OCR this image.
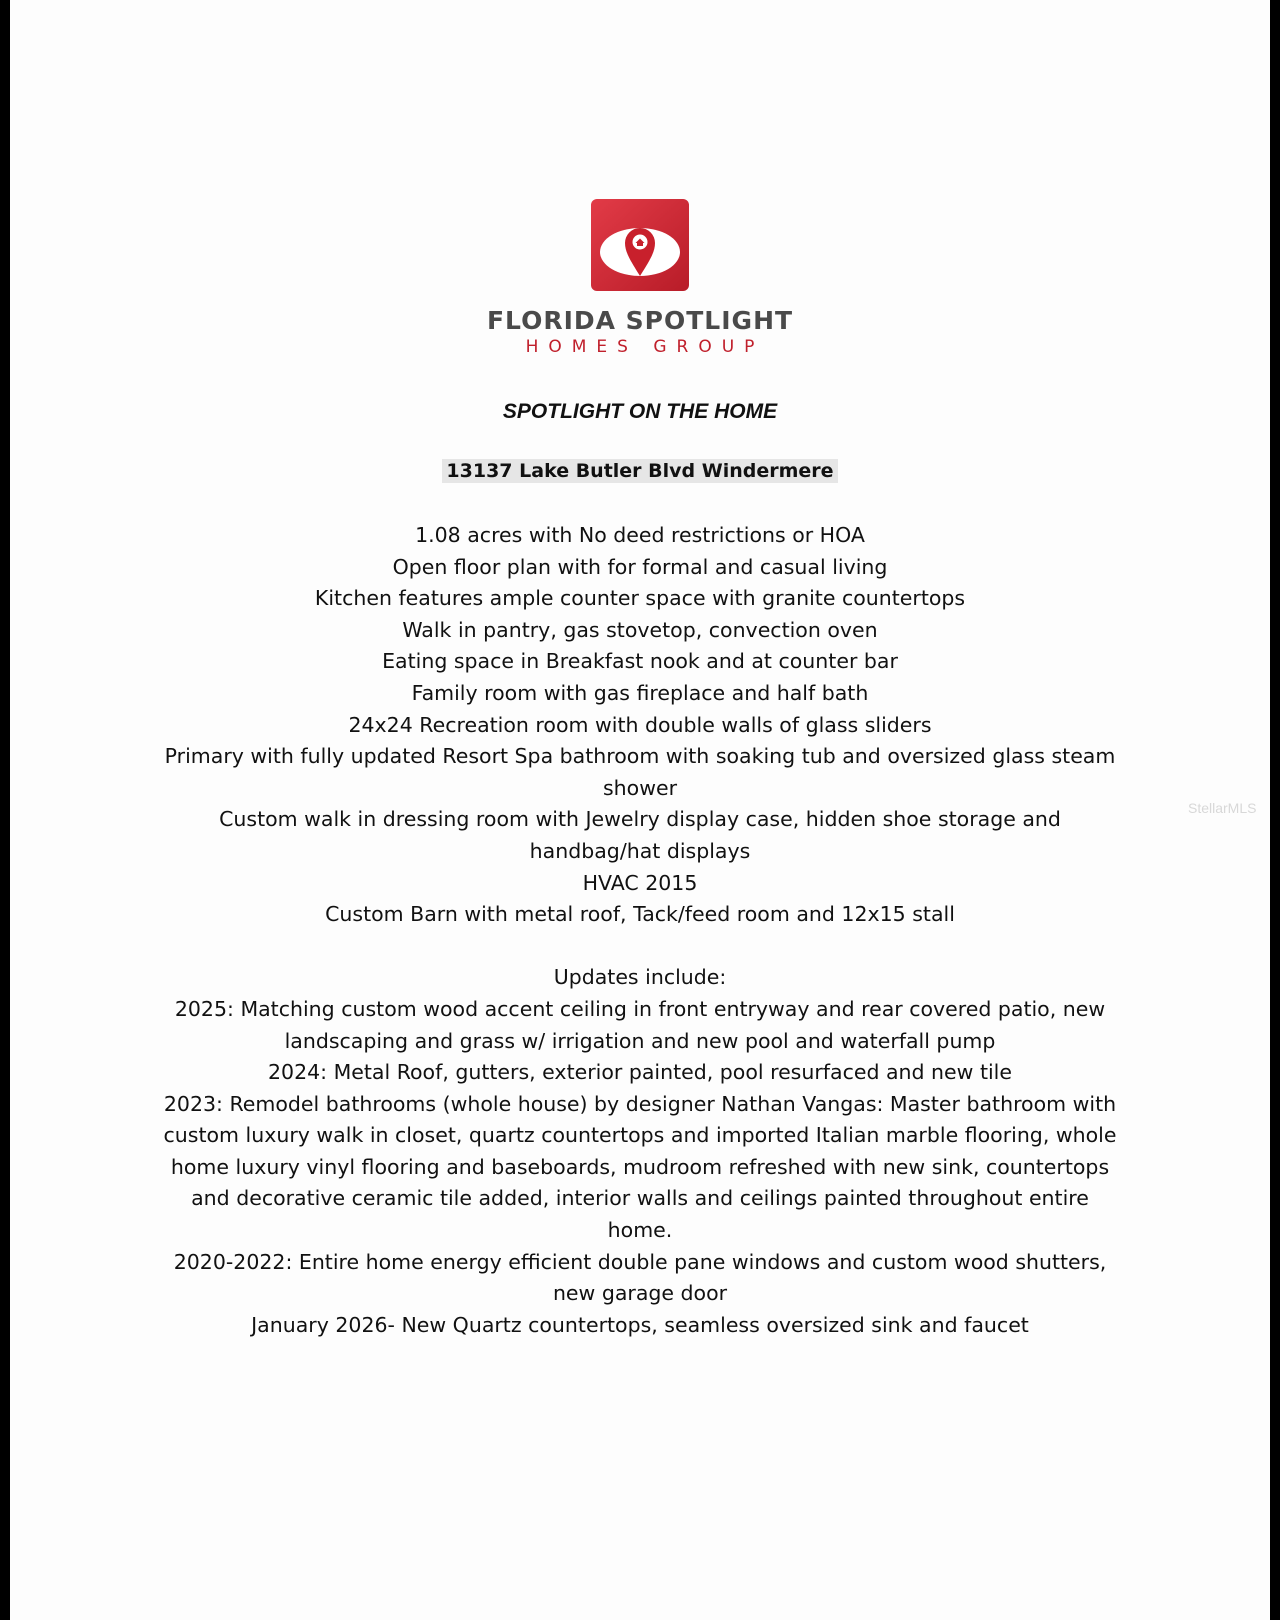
FLORIDA SPOTLIGHT
HOMES GROUP
SPOTLIGHT ON THE HOME
13137 Lake Butler Blvd Windermere

1.08 acres with No deed restrictions or HOA

Open floor plan with for formal and casual living

Kitchen features ample counter space with granite countertops

Walk in pantry, gas stovetop, convection oven

Eating space in Breakfast nook and at counter bar

Family room with gas fireplace and half bath

24x24 Recreation room with double walls of glass sliders

Primary with fully updated Resort Spa bathroom with soaking tub and oversized glass steam shower

Custom walk in dressing room with Jewelry display case, hidden shoe storage and handbag/hat displays

HVAC 2015

Custom Barn with metal roof, Tack/feed room and 12x15 stall

Updates include:

2025: Matching custom wood accent ceiling in front entryway and rear covered patio, new landscaping and grass w/ irrigation and new pool and waterfall pump

2024: Metal Roof, gutters, exterior painted, pool resurfaced and new tile

2023: Remodel bathrooms (whole house) by designer Nathan Vangas: Master bathroom with custom luxury walk in closet, quartz countertops and imported Italian marble flooring, whole home luxury vinyl flooring and baseboards, mudroom refreshed with new sink, countertops and decorative ceramic tile added, interior walls and ceilings painted throughout entire home.

2020-2022: Entire home energy efficient double pane windows and custom wood shutters, new garage door

January 2026- New Quartz countertops, seamless oversized sink and faucet

StellarMLS
